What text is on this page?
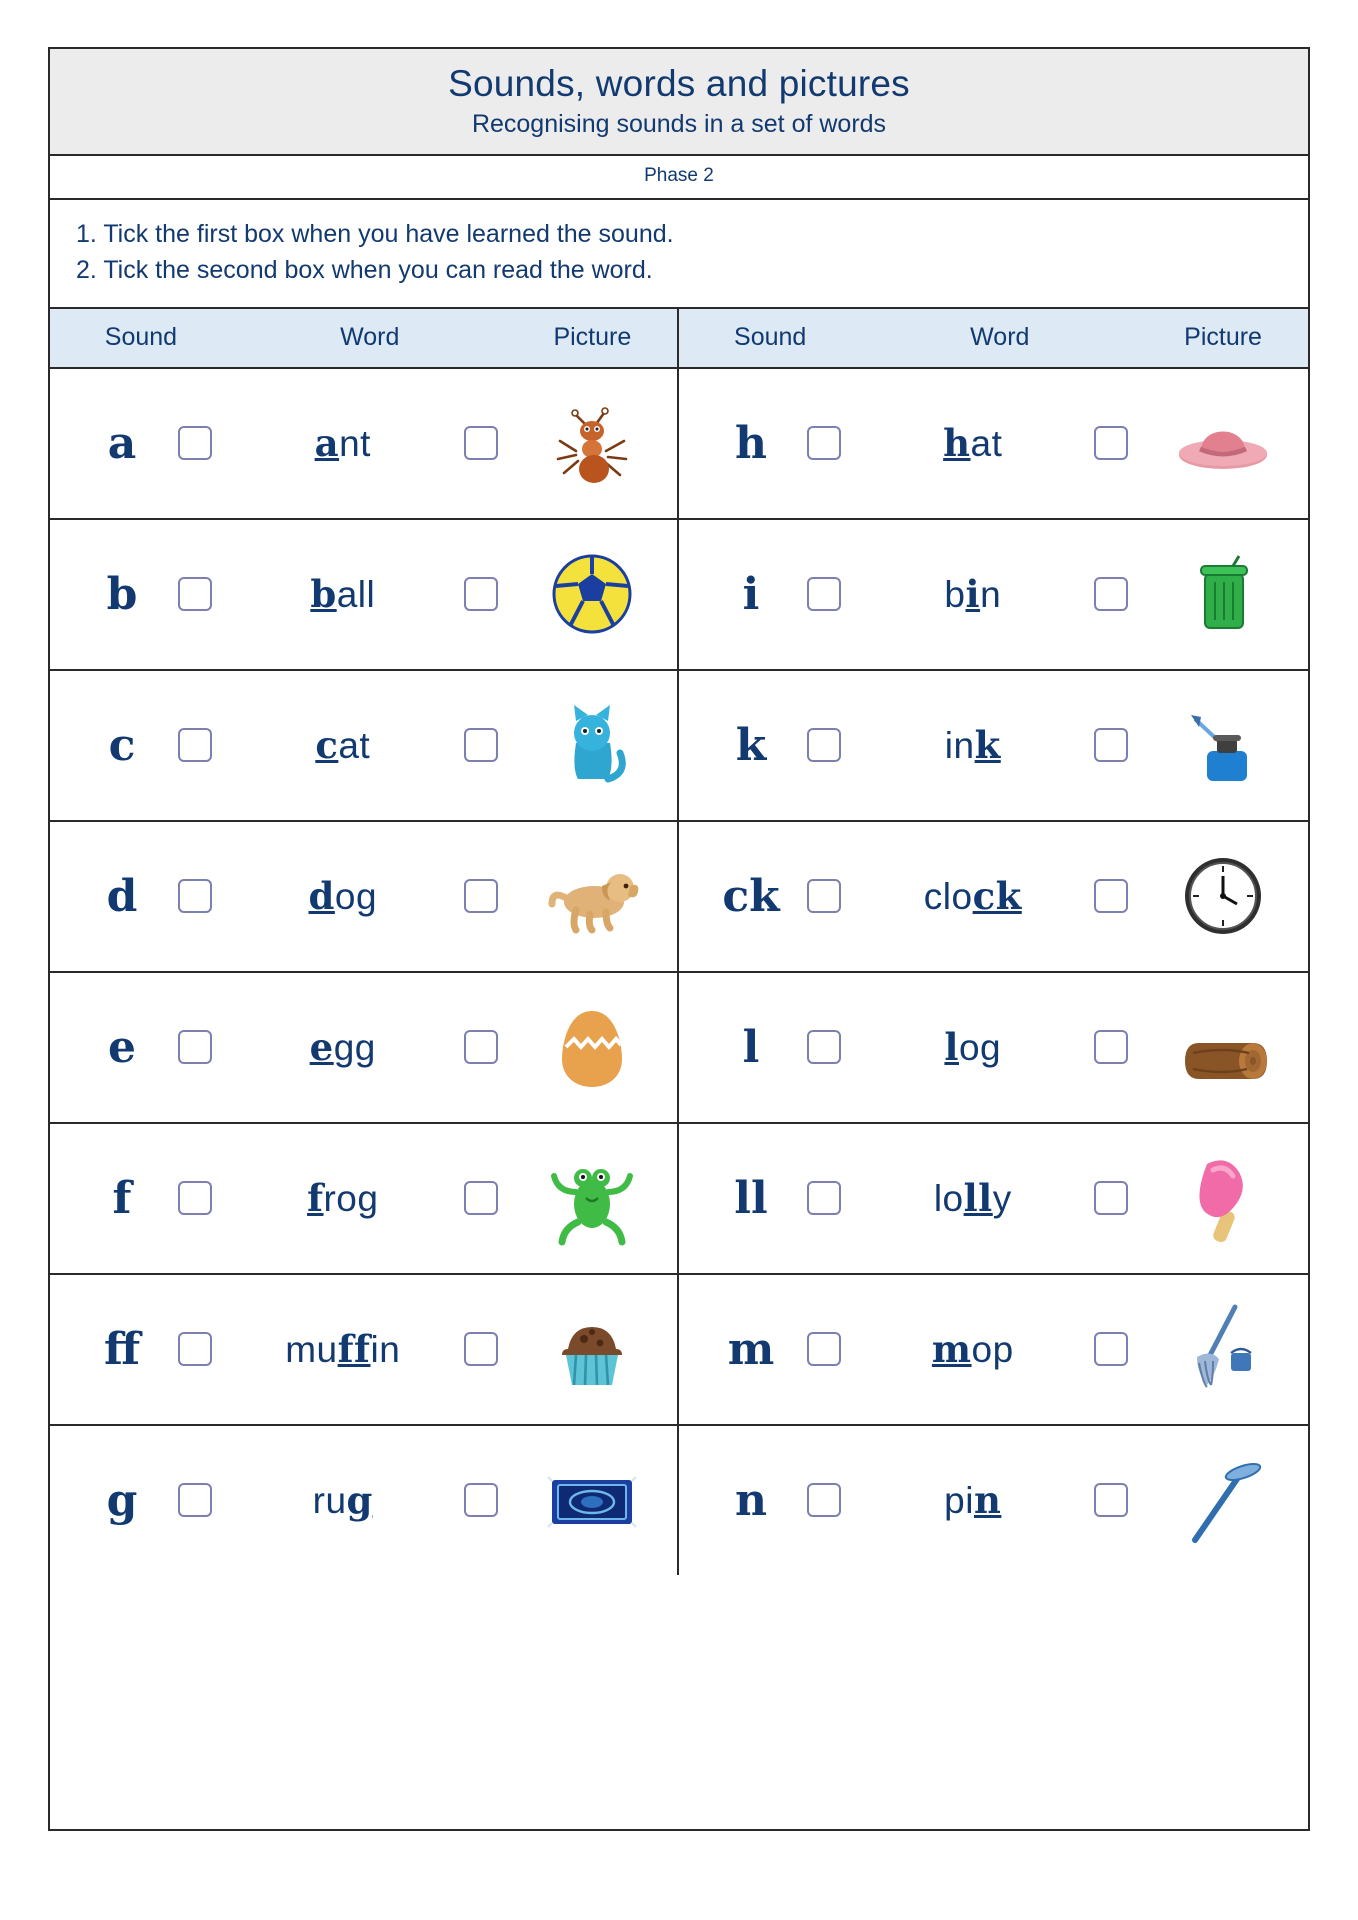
Sounds, words and pictures
Recognising sounds in a set of words
Phase 2
1. Tick the first box when you have learned the sound.
2. Tick the second box when you can read the word.
Sound	Word	Picture	Sound	Word	Picture
a	ant	h	hat
b	ball	i	bin
c	cat	k	ink
d	dog	ck	clock
e	egg	l	log
f	frog	ll	lolly
ff	muffin	m	mop
g	rug	n	pin
